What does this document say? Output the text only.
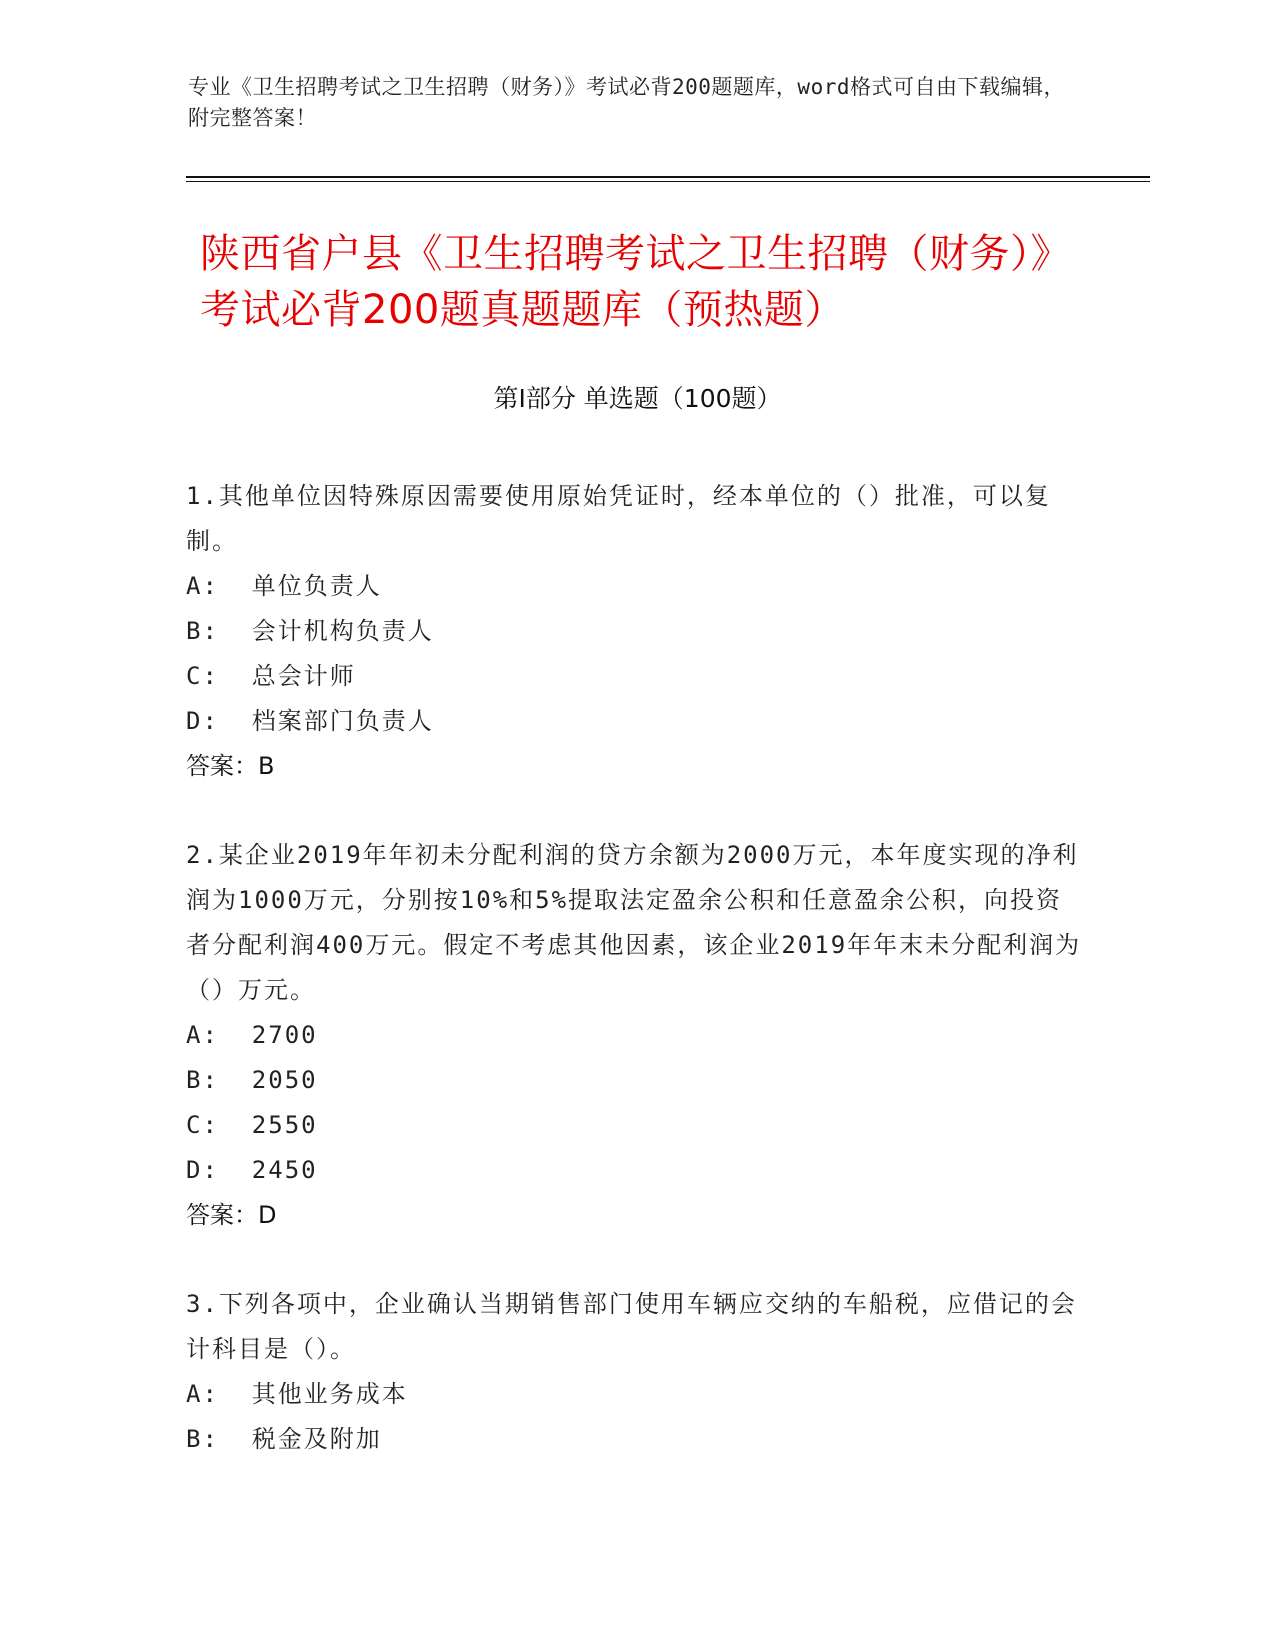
专业《卫生招聘考试之卫生招聘（财务）》考试必背200题题库，word格式可自由下载编辑，附完整答案！
陕西省户县《卫生招聘考试之卫生招聘（财务）》考试必背200题真题题库（预热题）
第Ⅰ部分 单选题（100题）
1.其他单位因特殊原因需要使用原始凭证时，经本单位的（）批准，可以复制。
A:  单位负责人
B:  会计机构负责人
C:  总会计师
D:  档案部门负责人
答案：B
2.某企业2019年年初未分配利润的贷方余额为2000万元，本年度实现的净利润为1000万元，分别按10%和5%提取法定盈余公积和任意盈余公积，向投资者分配利润400万元。假定不考虑其他因素，该企业2019年年末未分配利润为（）万元。
A:  2700
B:  2050
C:  2550
D:  2450
答案：D
3.下列各项中，企业确认当期销售部门使用车辆应交纳的车船税，应借记的会计科目是（）。
A:  其他业务成本
B:  税金及附加
